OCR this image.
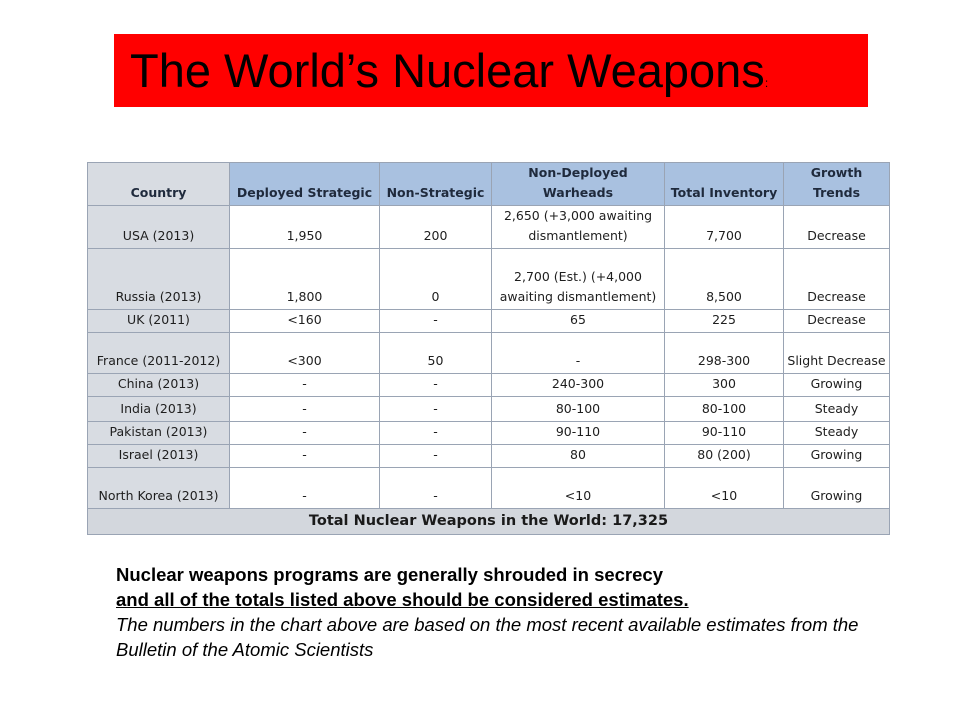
The World’s Nuclear Weapons:
Country	Deployed Strategic	Non-Strategic	Non-Deployed Warheads	Total Inventory	Growth Trends
USA (2013)	1,950	200	2,650 (+3,000 awaiting dismantlement)	7,700	Decrease
Russia (2013)	1,800	0	2,700 (Est.) (+4,000 awaiting dismantlement)	8,500	Decrease
UK (2011)	<160	-	65	225	Decrease
France (2011-2012)	<300	50	-	298-300	Slight Decrease
China (2013)	-	-	240-300	300	Growing
India (2013)	-	-	80-100	80-100	Steady
Pakistan (2013)	-	-	90-110	90-110	Steady
Israel (2013)	-	-	80	80 (200)	Growing
North Korea (2013)	-	-	<10	<10	Growing
Total Nuclear Weapons in the World: 17,325					
Nuclear weapons programs are generally shrouded in secrecy
and all of the totals listed above should be considered estimates.
The numbers in the chart above are based on the most recent available estimates from the Bulletin of the Atomic Scientists
